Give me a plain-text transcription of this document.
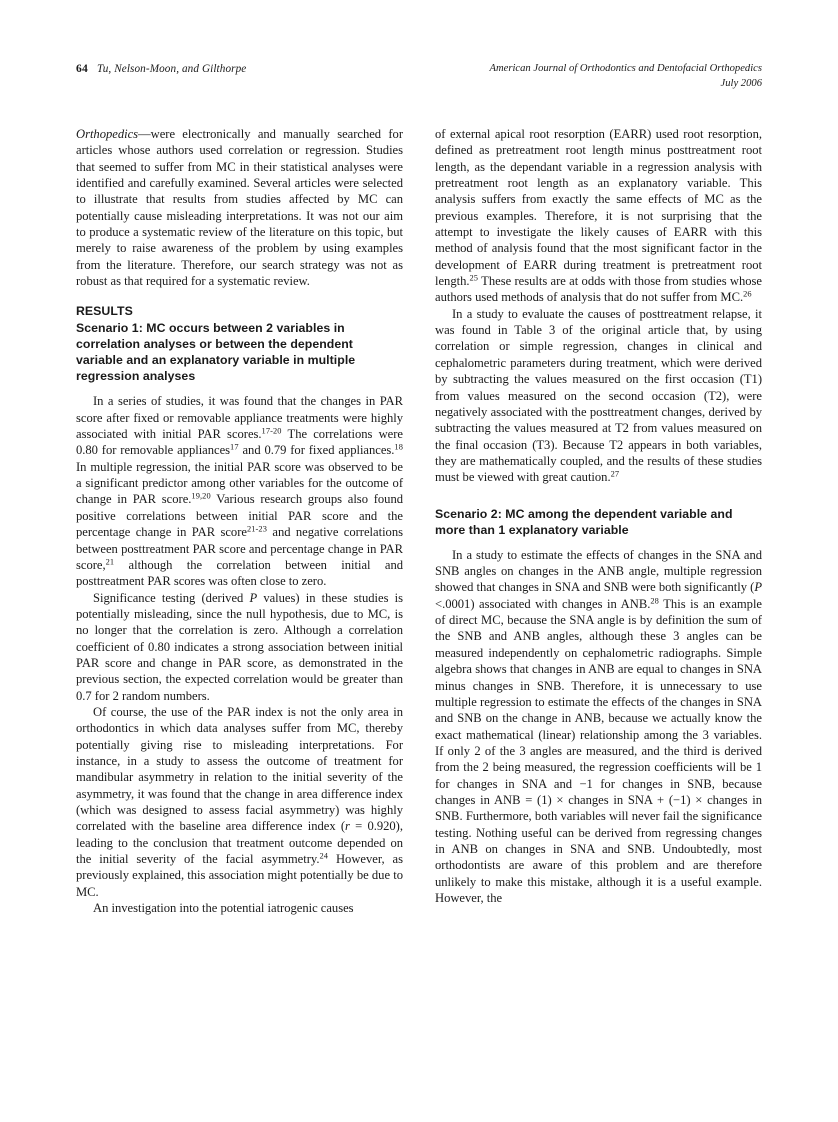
64 Tu, Nelson-Moon, and Gilthorpe	American Journal of Orthodontics and Dentofacial Orthopedics
July 2006

Orthopedics—were electronically and manually searched for articles whose authors used correlation or regression. Studies that seemed to suffer from MC in their statistical analyses were identified and carefully examined. Several articles were selected to illustrate that results from studies affected by MC can potentially cause misleading interpretations. It was not our aim to produce a systematic review of the literature on this topic, but merely to raise awareness of the problem by using examples from the literature. Therefore, our search strategy was not as robust as that required for a systematic review.

RESULTS
Scenario 1: MC occurs between 2 variables in correlation analyses or between the dependent variable and an explanatory variable in multiple regression analyses

In a series of studies, it was found that the changes in PAR score after fixed or removable appliance treatments were highly associated with initial PAR scores.$^{17-20}$ The correlations were 0.80 for removable appliances$^{17}$ and 0.79 for fixed appliances.$^{18}$ In multiple regression, the initial PAR score was observed to be a significant predictor among other variables for the outcome of change in PAR score.$^{19,20}$ Various research groups also found positive correlations between initial PAR score and the percentage change in PAR score$^{21-23}$ and negative correlations between posttreatment PAR score and percentage change in PAR score,$^{21}$ although the correlation between initial and posttreatment PAR scores was often close to zero.

Significance testing (derived P values) in these studies is potentially misleading, since the null hypothesis, due to MC, is no longer that the correlation is zero. Although a correlation coefficient of 0.80 indicates a strong association between initial PAR score and change in PAR score, as demonstrated in the previous section, the expected correlation would be greater than 0.7 for 2 random numbers.

Of course, the use of the PAR index is not the only area in orthodontics in which data analyses suffer from MC, thereby potentially giving rise to misleading interpretations. For instance, in a study to assess the outcome of treatment for mandibular asymmetry in relation to the initial severity of the asymmetry, it was found that the change in area difference index (which was designed to assess facial asymmetry) was highly correlated with the baseline area difference index (r = 0.920), leading to the conclusion that treatment outcome depended on the initial severity of the facial asymmetry.$^{24}$ However, as previously explained, this association might potentially be due to MC.

An investigation into the potential iatrogenic causes

of external apical root resorption (EARR) used root resorption, defined as pretreatment root length minus posttreatment root length, as the dependant variable in a regression analysis with pretreatment root length as an explanatory variable. This analysis suffers from exactly the same effects of MC as the previous examples. Therefore, it is not surprising that the attempt to investigate the likely causes of EARR with this method of analysis found that the most significant factor in the development of EARR during treatment is pretreatment root length.$^{25}$ These results are at odds with those from studies whose authors used methods of analysis that do not suffer from MC.$^{26}$

In a study to evaluate the causes of posttreatment relapse, it was found in Table 3 of the original article that, by using correlation or simple regression, changes in clinical and cephalometric parameters during treatment, which were derived by subtracting the values measured on the first occasion (T1) from values measured on the second occasion (T2), were negatively associated with the posttreatment changes, derived by subtracting the values measured at T2 from values measured on the final occasion (T3). Because T2 appears in both variables, they are mathematically coupled, and the results of these studies must be viewed with great caution.$^{27}$

Scenario 2: MC among the dependent variable and more than 1 explanatory variable

In a study to estimate the effects of changes in the SNA and SNB angles on changes in the ANB angle, multiple regression showed that changes in SNA and SNB were both significantly (P <.0001) associated with changes in ANB.$^{28}$ This is an example of direct MC, because the SNA angle is by definition the sum of the SNB and ANB angles, although these 3 angles can be measured independently on cephalometric radiographs. Simple algebra shows that changes in ANB are equal to changes in SNA minus changes in SNB. Therefore, it is unnecessary to use multiple regression to estimate the effects of the changes in SNA and SNB on the change in ANB, because we actually know the exact mathematical (linear) relationship among the 3 variables. If only 2 of the 3 angles are measured, and the third is derived from the 2 being measured, the regression coefficients will be 1 for changes in SNA and −1 for changes in SNB, because changes in ANB = (1) × changes in SNA + (−1) × changes in SNB. Furthermore, both variables will never fail the significance testing. Nothing useful can be derived from regressing changes in ANB on changes in SNA and SNB. Undoubtedly, most orthodontists are aware of this problem and are therefore unlikely to make this mistake, although it is a useful example. However, the
